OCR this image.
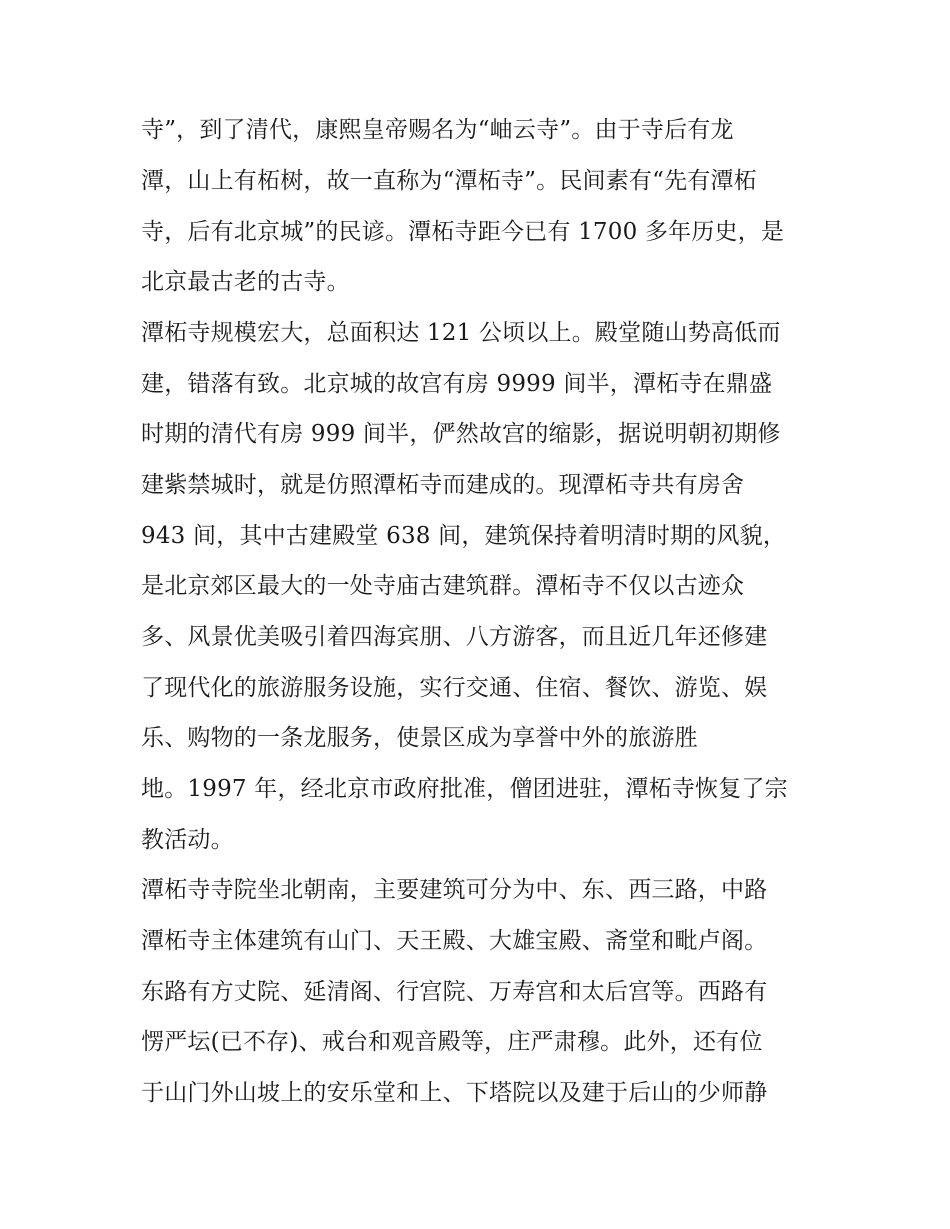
寺”，到了清代，康熙皇帝赐名为“岫云寺”。由于寺后有龙
潭，山上有柘树，故一直称为“潭柘寺”。民间素有“先有潭柘
寺，后有北京城”的民谚。潭柘寺距今已有 1700 多年历史，是
北京最古老的古寺。
潭柘寺规模宏大，总面积达 121 公顷以上。殿堂随山势高低而
建，错落有致。北京城的故宫有房 9999 间半，潭柘寺在鼎盛
时期的清代有房 999 间半，俨然故宫的缩影，据说明朝初期修
建紫禁城时，就是仿照潭柘寺而建成的。现潭柘寺共有房舍
943 间，其中古建殿堂 638 间，建筑保持着明清时期的风貌，
是北京郊区最大的一处寺庙古建筑群。潭柘寺不仅以古迹众
多、风景优美吸引着四海宾朋、八方游客，而且近几年还修建
了现代化的旅游服务设施，实行交通、住宿、餐饮、游览、娱
乐、购物的一条龙服务，使景区成为享誉中外的旅游胜
地。1997 年，经北京市政府批准，僧团进驻，潭柘寺恢复了宗
教活动。
潭柘寺寺院坐北朝南，主要建筑可分为中、东、西三路，中路
潭柘寺主体建筑有山门、天王殿、大雄宝殿、斋堂和毗卢阁。
东路有方丈院、延清阁、行宫院、万寿宫和太后宫等。西路有
愣严坛(已不存)、戒台和观音殿等，庄严肃穆。此外，还有位
于山门外山坡上的安乐堂和上、下塔院以及建于后山的少师静
